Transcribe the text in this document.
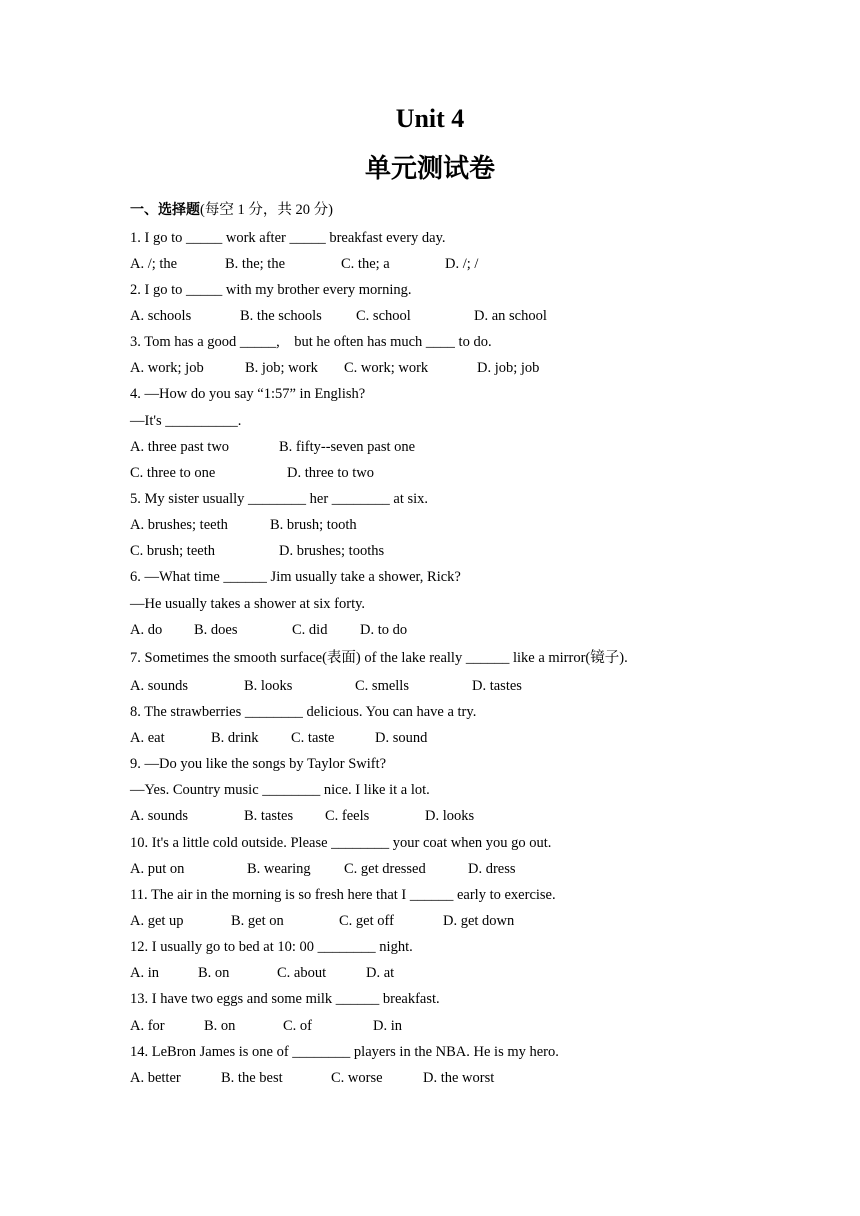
Unit 4
单元测试卷

一、选择题(每空 1 分，共 20 分)

1. I go to _____ work after _____ breakfast every day.

A. /; the

	B. the; the

	C. the; a

	D. /; /

2. I go to _____ with my brother every morning.

A. schools

	B. the schools

C. school

	D. an school

3. Tom has a good _____,    but he often has much ____ to do.

A. work; job

	B. job; work

C. work; work

	D. job; job

4. —How do you say “1:57” in English?

—It's __________.

A. three past two

	B. fifty--seven past one

C. three to one

	D. three to two

5. My sister usually ________ her ________ at six.

A. brushes; teeth

	B. brush; tooth

C. brush; teeth

	D. brushes; tooths

6. —What time ______ Jim usually take a shower, Rick?

—He usually takes a shower at six forty.

A. do

B. does

	C. did

D. to do

7. Sometimes the smooth surface(表面) of the lake really ______ like a mirror(镜子).

A. sounds

	B. looks

	C. smells

	D. tastes

8. The strawberries ________ delicious. You can have a try.

A. eat

	B. drink

C. taste

	D. sound

9. —Do you like the songs by Taylor Swift?

—Yes. Country music ________ nice. I like it a lot.

A. sounds

	B. tastes

C. feels

	D. looks

10. It's a little cold outside. Please ________ your coat when you go out.

A. put on

	B. wearing

C. get dressed

	D. dress

11. The air in the morning is so fresh here that I ______ early to exercise.

A. get up

	B. get on

	C. get off

	D. get down

12. I usually go to bed at 10: 00 ________ night.

A. in

	B. on

	C. about

	D. at

13. I have two eggs and some milk ______ breakfast.

A. for

	B. on

	C. of

	D. in

14. LeBron James is one of ________ players in the NBA. He is my hero.

A. better

	B. the best

	C. worse

	D. the worst
